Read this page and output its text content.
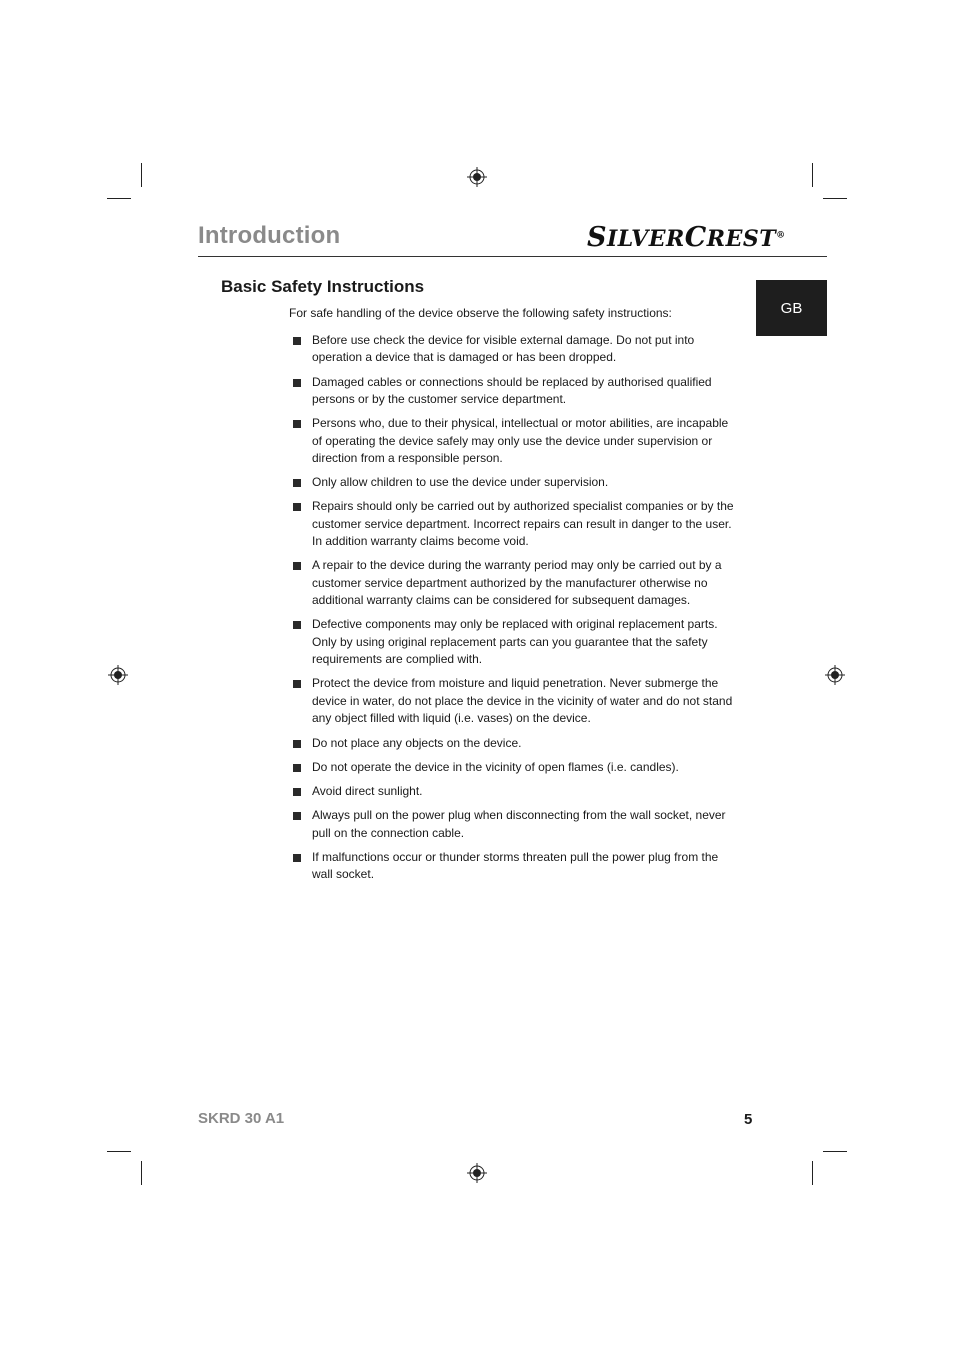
Introduction	SILVERCREST®
GB
Basic Safety Instructions
For safe handling of the device observe the following safety instructions:
Before use check the device for visible external damage. Do not put into operation a device that is damaged or has been dropped.
Damaged cables or connections should be replaced by authorised qualified persons or by the customer service department.
Persons who, due to their physical, intellectual or motor abilities, are incapable of operating the device safely may only use the device under supervision or direction from a responsible person.
Only allow children to use the device under supervision.
Repairs should only be carried out by authorized specialist companies or by the customer service department. Incorrect repairs can result in danger to the user. In addition warranty claims become void.
A repair to the device during the warranty period may only be carried out by a customer service department authorized by the manufacturer otherwise no additional warranty claims can be considered for subsequent damages.
Defective components may only be replaced with original replacement parts. Only by using original replacement parts can you guarantee that the safety requirements are complied with.
Protect the device from moisture and liquid penetration. Never submerge the device in water, do not place the device in the vicinity of water and do not stand any object filled with liquid (i.e. vases) on the device.
Do not place any objects on the device.
Do not operate the device in the vicinity of open flames (i.e. candles).
Avoid direct sunlight.
Always pull on the power plug when disconnecting from the wall socket, never pull on the connection cable.
If malfunctions occur or thunder storms threaten pull the power plug from the wall socket.
SKRD 30 A1	5
